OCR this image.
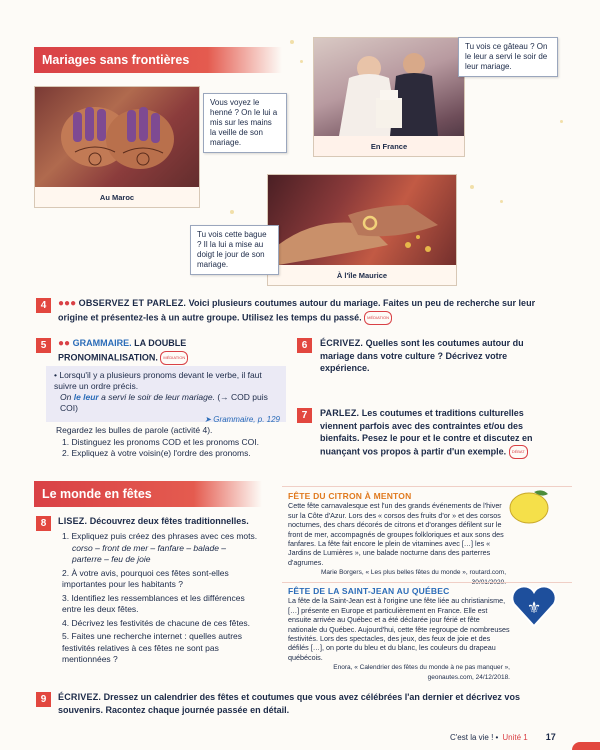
Mariages sans frontières
Au Maroc
Vous voyez le henné ? On le lui a mis sur les mains la veille de son mariage.	En France
Tu vois ce gâteau ? On le leur a servi le soir de leur mariage.
À l'île Maurice
Tu vois cette bague ? Il la lui a mise au doigt le jour de son mariage.
4	●●● OBSERVEZ ET PARLEZ. Voici plusieurs coutumes autour du mariage. Faites un peu de recherche sur leur origine et présentez-les à un autre groupe. Utilisez les temps du passé. MÉDIATION
5	●● GRAMMAIRE. LA DOUBLE PRONOMINALISATION. MÉDIATION
• Lorsqu'il y a plusieurs pronoms devant le verbe, il faut suivre un ordre précis.
On le leur a servi le soir de leur mariage. (→ COD puis COI)
➤ Grammaire, p. 129
Regardez les bulles de parole (activité 4).
1. Distinguez les pronoms COD et les pronoms COI.
2. Expliquez à votre voisin(e) l'ordre des pronoms.
6	ÉCRIVEZ. Quelles sont les coutumes autour du mariage dans votre culture ? Décrivez votre expérience.
7	PARLEZ. Les coutumes et traditions culturelles viennent parfois avec des contraintes et/ou des bienfaits. Pesez le pour et le contre et discutez en nuançant vos propos à partir d'un exemple. DÉBAT
Le monde en fêtes
8	LISEZ. Découvrez deux fêtes traditionnelles.
1. Expliquez puis créez des phrases avec ces mots.
corso – front de mer – fanfare – balade – parterre – feu de joie
2. À votre avis, pourquoi ces fêtes sont-elles importantes pour les habitants ?
3. Identifiez les ressemblances et les différences entre les deux fêtes.
4. Décrivez les festivités de chacune de ces fêtes.
5. Faites une recherche internet : quelles autres festivités relatives à ces fêtes ne sont pas mentionnées ?
FÊTE DU CITRON À MENTON
Cette fête carnavalesque est l'un des grands événements de l'hiver sur la Côte d'Azur. Lors des « corsos des fruits d'or » et des corsos nocturnes, des chars décorés de citrons et d'oranges défilent sur le front de mer, accompagnés de groupes folkloriques et aux sons des fanfares. La fête fait encore le plein de vitamines avec […] les « Jardins de Lumières », une balade nocturne dans des parterres d'agrumes.
Marie Borgers, « Les plus belles fêtes du monde », routard.com,
FÊTE DE LA SAINT-JEAN AU QUÉBEC
La fête de la Saint-Jean est à l'origine une fête liée au christianisme, […] présente en Europe et particulièrement en France. Elle est ensuite arrivée au Québec et a été déclarée jour férié et fête nationale du Québec. Aujourd'hui, cette fête regroupe de nombreuses festivités. Lors des spectacles, des jeux, des feux de joie et des défilés […], on porte du bleu et du blanc, les couleurs du drapeau québécois.
Enora, « Calendrier des fêtes du monde à ne pas manquer », geonautes.com, 24/12/2018.
⚜
9	ÉCRIVEZ. Dressez un calendrier des fêtes et coutumes que vous avez célébrées l'an dernier et décrivez vos souvenirs. Racontez chaque journée passée en détail.
C'est la vie ! • Unité 1 17
